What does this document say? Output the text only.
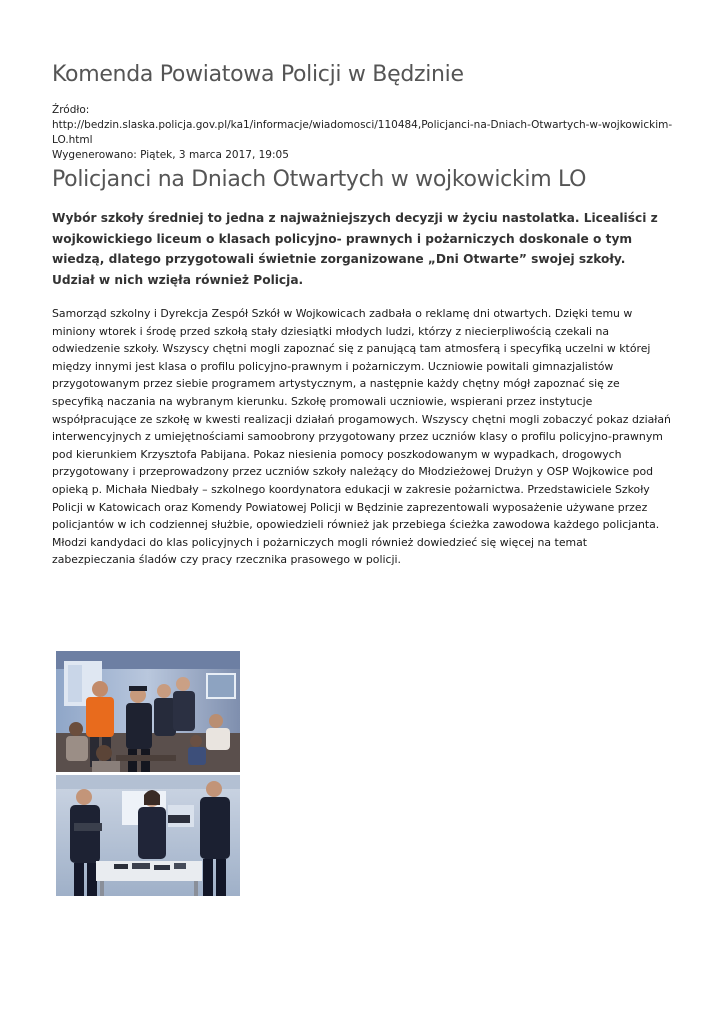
Komenda Powiatowa Policji w Będzinie
Źródło:
http://bedzin.slaska.policja.gov.pl/ka1/informacje/wiadomosci/110484,Policjanci-na-Dniach-Otwartych-w-wojkowickim-LO.html
Wygenerowano: Piątek, 3 marca 2017, 19:05
Policjanci na Dniach Otwartych w wojkowickim LO

Wybór szkoły średniej to jedna z najważniejszych decyzji w życiu nastolatka. Licealiści z wojkowickiego liceum o klasach policyjno- prawnych i pożarniczych doskonale o tym wiedzą, dlatego przygotowali świetnie zorganizowane „Dni Otwarte” swojej szkoły. Udział w nich wzięła również Policja.

Samorząd szkolny i Dyrekcja Zespół Szkół w Wojkowicach zadbała o reklamę dni otwartych. Dzięki temu w miniony wtorek i środę przed szkołą stały dziesiątki młodych ludzi, którzy z niecierpliwością czekali na odwiedzenie szkoły. Wszyscy chętni mogli zapoznać się z panującą tam atmosferą i specyfiką uczelni w której między innymi jest klasa o profilu policyjno-prawnym i pożarniczym. Uczniowie powitali gimnazjalistów przygotowanym przez siebie programem artystycznym, a następnie każdy chętny mógł zapoznać się ze specyfiką naczania na wybranym kierunku. Szkołę promowali uczniowie, wspierani przez instytucje współpracujące ze szkołę w kwesti realizacji działań progamowych. Wszyscy chętni mogli zobaczyć pokaz działań interwencyjnych z umiejętnościami samoobrony przygotowany przez uczniów klasy o profilu policyjno-prawnym pod kierunkiem Krzysztofa Pabijana. Pokaz niesienia pomocy poszkodowanym w wypadkach, drogowych przygotowany i przeprowadzony przez uczniów szkoły należący do Młodzieżowej Drużyn y OSP Wojkowice pod opieką p. Michała Niedbały – szkolnego koordynatora edukacji w zakresie pożarnictwa. Przedstawiciele Szkoły Policji w Katowicach oraz Komendy Powiatowej Policji w Będzinie zaprezentowali wyposażenie używane przez policjantów w ich codziennej służbie, opowiedzieli również jak przebiega ścieżka zawodowa każdego policjanta. Młodzi kandydaci do klas policyjnych i pożarniczych mogli również dowiedzieć się więcej na temat zabezpieczania śladów czy pracy rzecznika prasowego w policji.
